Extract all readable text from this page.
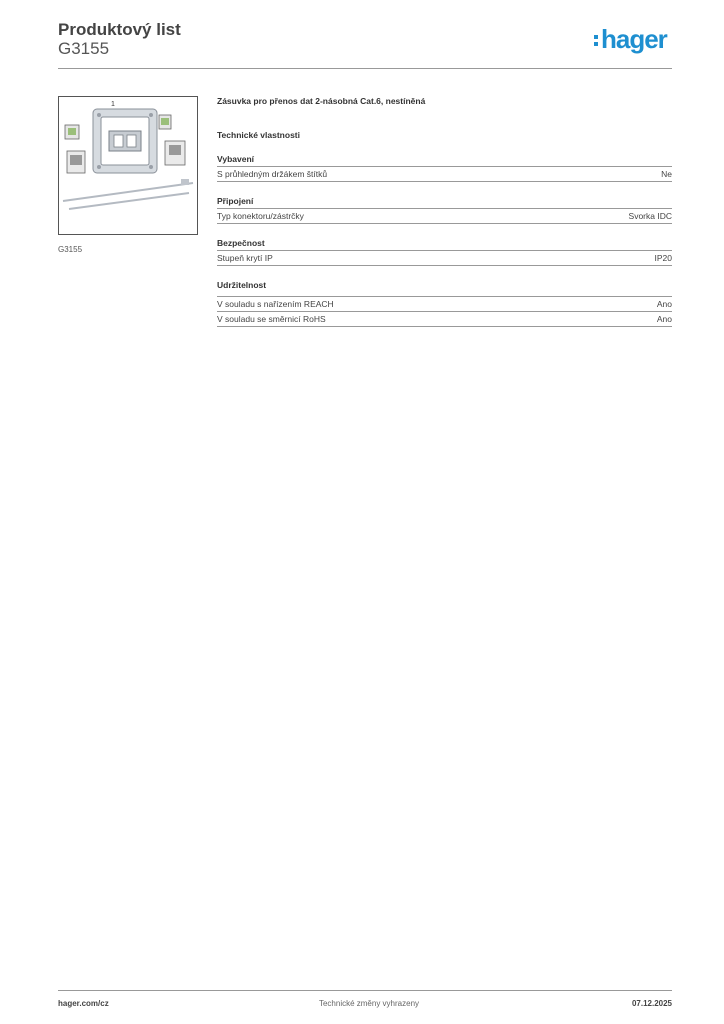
Produktový list
G3155	hager
1
G3155
Zásuvka pro přenos dat 2-násobná Cat.6, nestíněná
Technické vlastnosti
Vybavení
S průhledným držákem štítků	Ne
Připojení
Typ konektoru/zástrčky	Svorka IDC
Bezpečnost
Stupeň krytí IP	IP20
Udržitelnost
V souladu s nařízením REACH	Ano
V souladu se směrnicí RoHS	Ano
hager.com/cz	Technické změny vyhrazeny	07.12.2025
